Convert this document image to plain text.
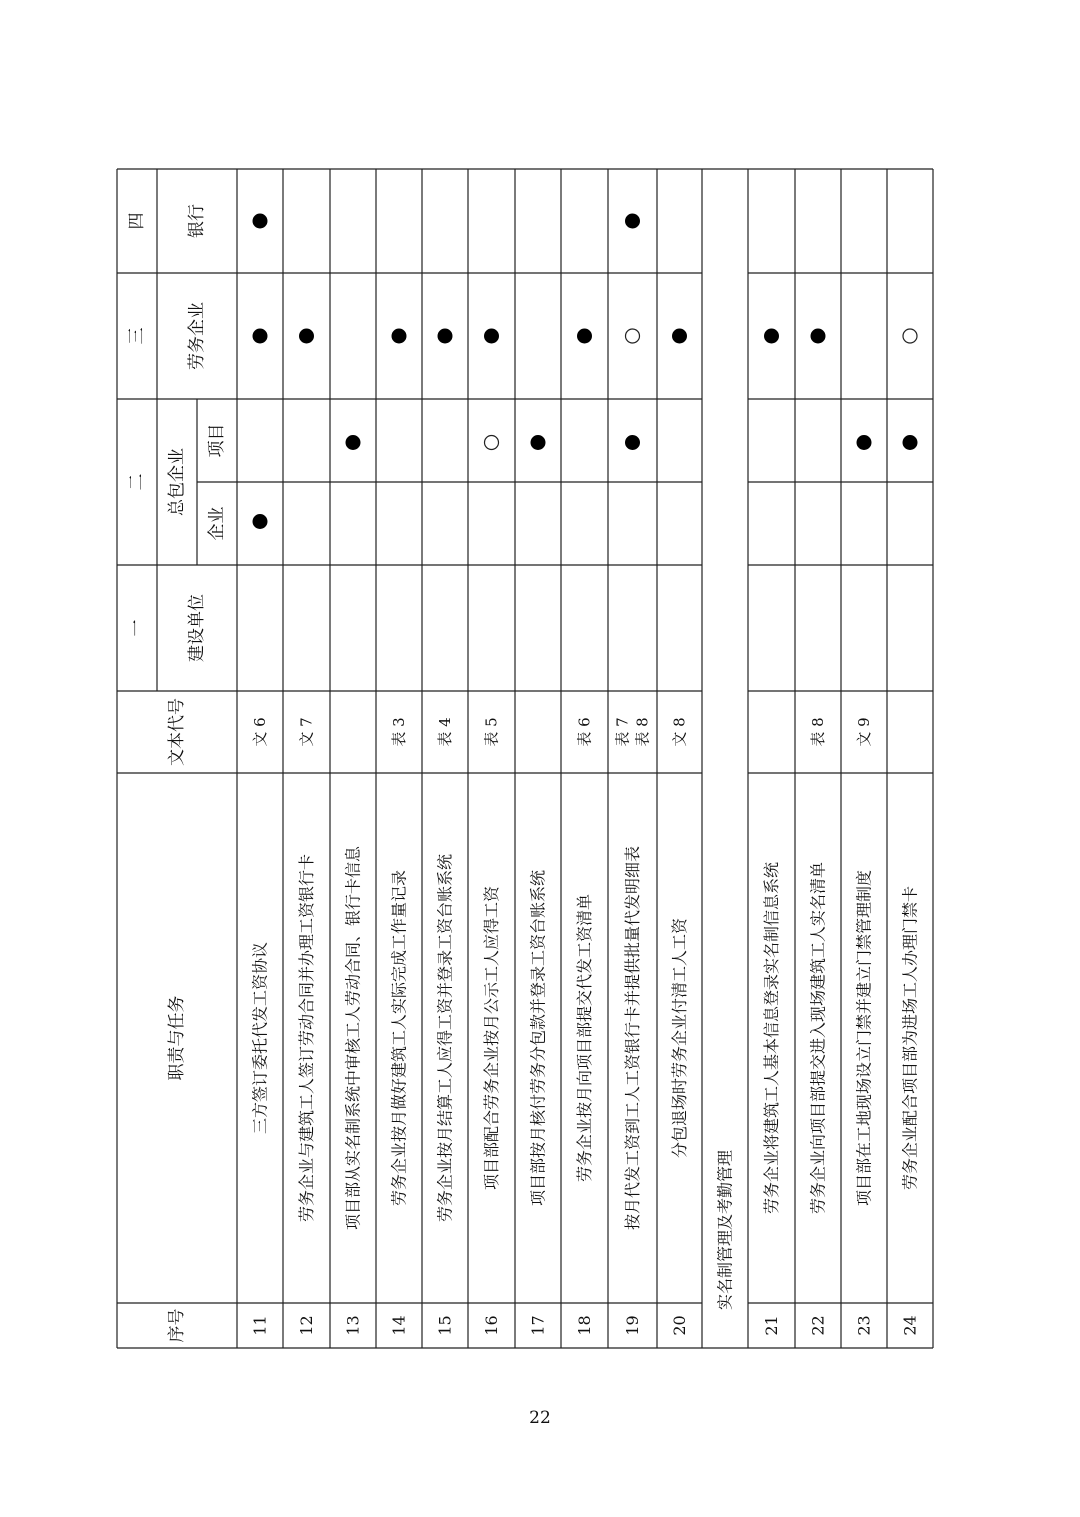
序号
职责与任务
文本代号
一 建设单位
二 总包企业
企业
项目
三 劳务企业
四 银行
11
三方签订委托代发工资协议
文 6
12
劳务企业与建筑工人签订劳动合同并办理工资银行卡
文 7
13
项目部从实名制系统中审核工人劳动合同、银行卡信息
14
劳务企业按月做好建筑工人实际完成工作量记录
表 3
15
劳务企业按月结算工人应得工资并登录工资台账系统
表 4
16
项目部配合劳务企业按月公示工人应得工资
表 5
17
项目部按月核付劳务分包款并登录工资台账系统
18
劳务企业按月向项目部提交代发工资清单
表 6
19
按月代发工资到工人工资银行卡并提供批量代发明细表
表 7 表 8
20
分包退场时劳务企业付清工人工资
文 8
实名制管理及考勤管理
21
劳务企业将建筑工人基本信息登录实名制信息系统
22
劳务企业向项目部提交进入现场建筑工人实名清单
表 8
23
项目部在工地现场设立门禁并建立门禁管理制度
文 9
24
劳务企业配合项目部为进场工人办理门禁卡
22
